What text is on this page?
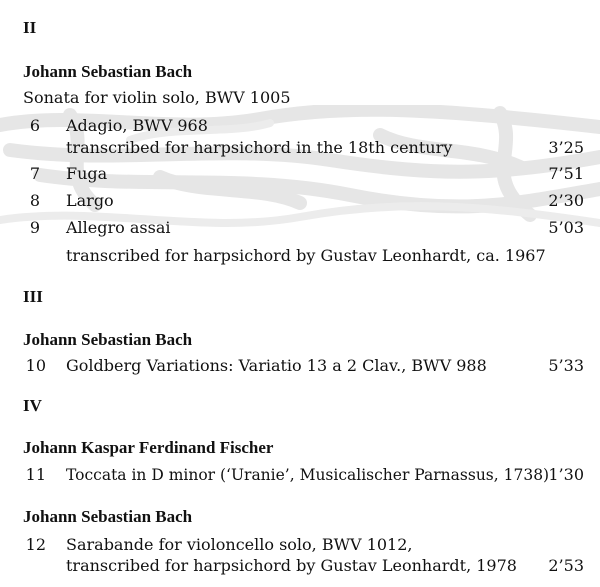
II
Johann Sebastian Bach
Sonata for violin solo, BWV 1005
6 Adagio, BWV 968
transcribed for harpsichord in the 18th century	3’25
7 Fuga	7’51
8 Largo	2’30
9 Allegro assai	5’03
transcribed for harpsichord by Gustav Leonhardt, ca. 1967
III
Johann Sebastian Bach
10 Goldberg Variations: Variatio 13 a 2 Clav., BWV 988	5’33
IV
Johann Kaspar Ferdinand Fischer
11 Toccata in D minor (‘Uranie’, Musicalischer Parnassus, 1738) 1’30
Johann Sebastian Bach
12 Sarabande for violoncello solo, BWV 1012,
transcribed for harpsichord by Gustav Leonhardt, 1978 2’53
